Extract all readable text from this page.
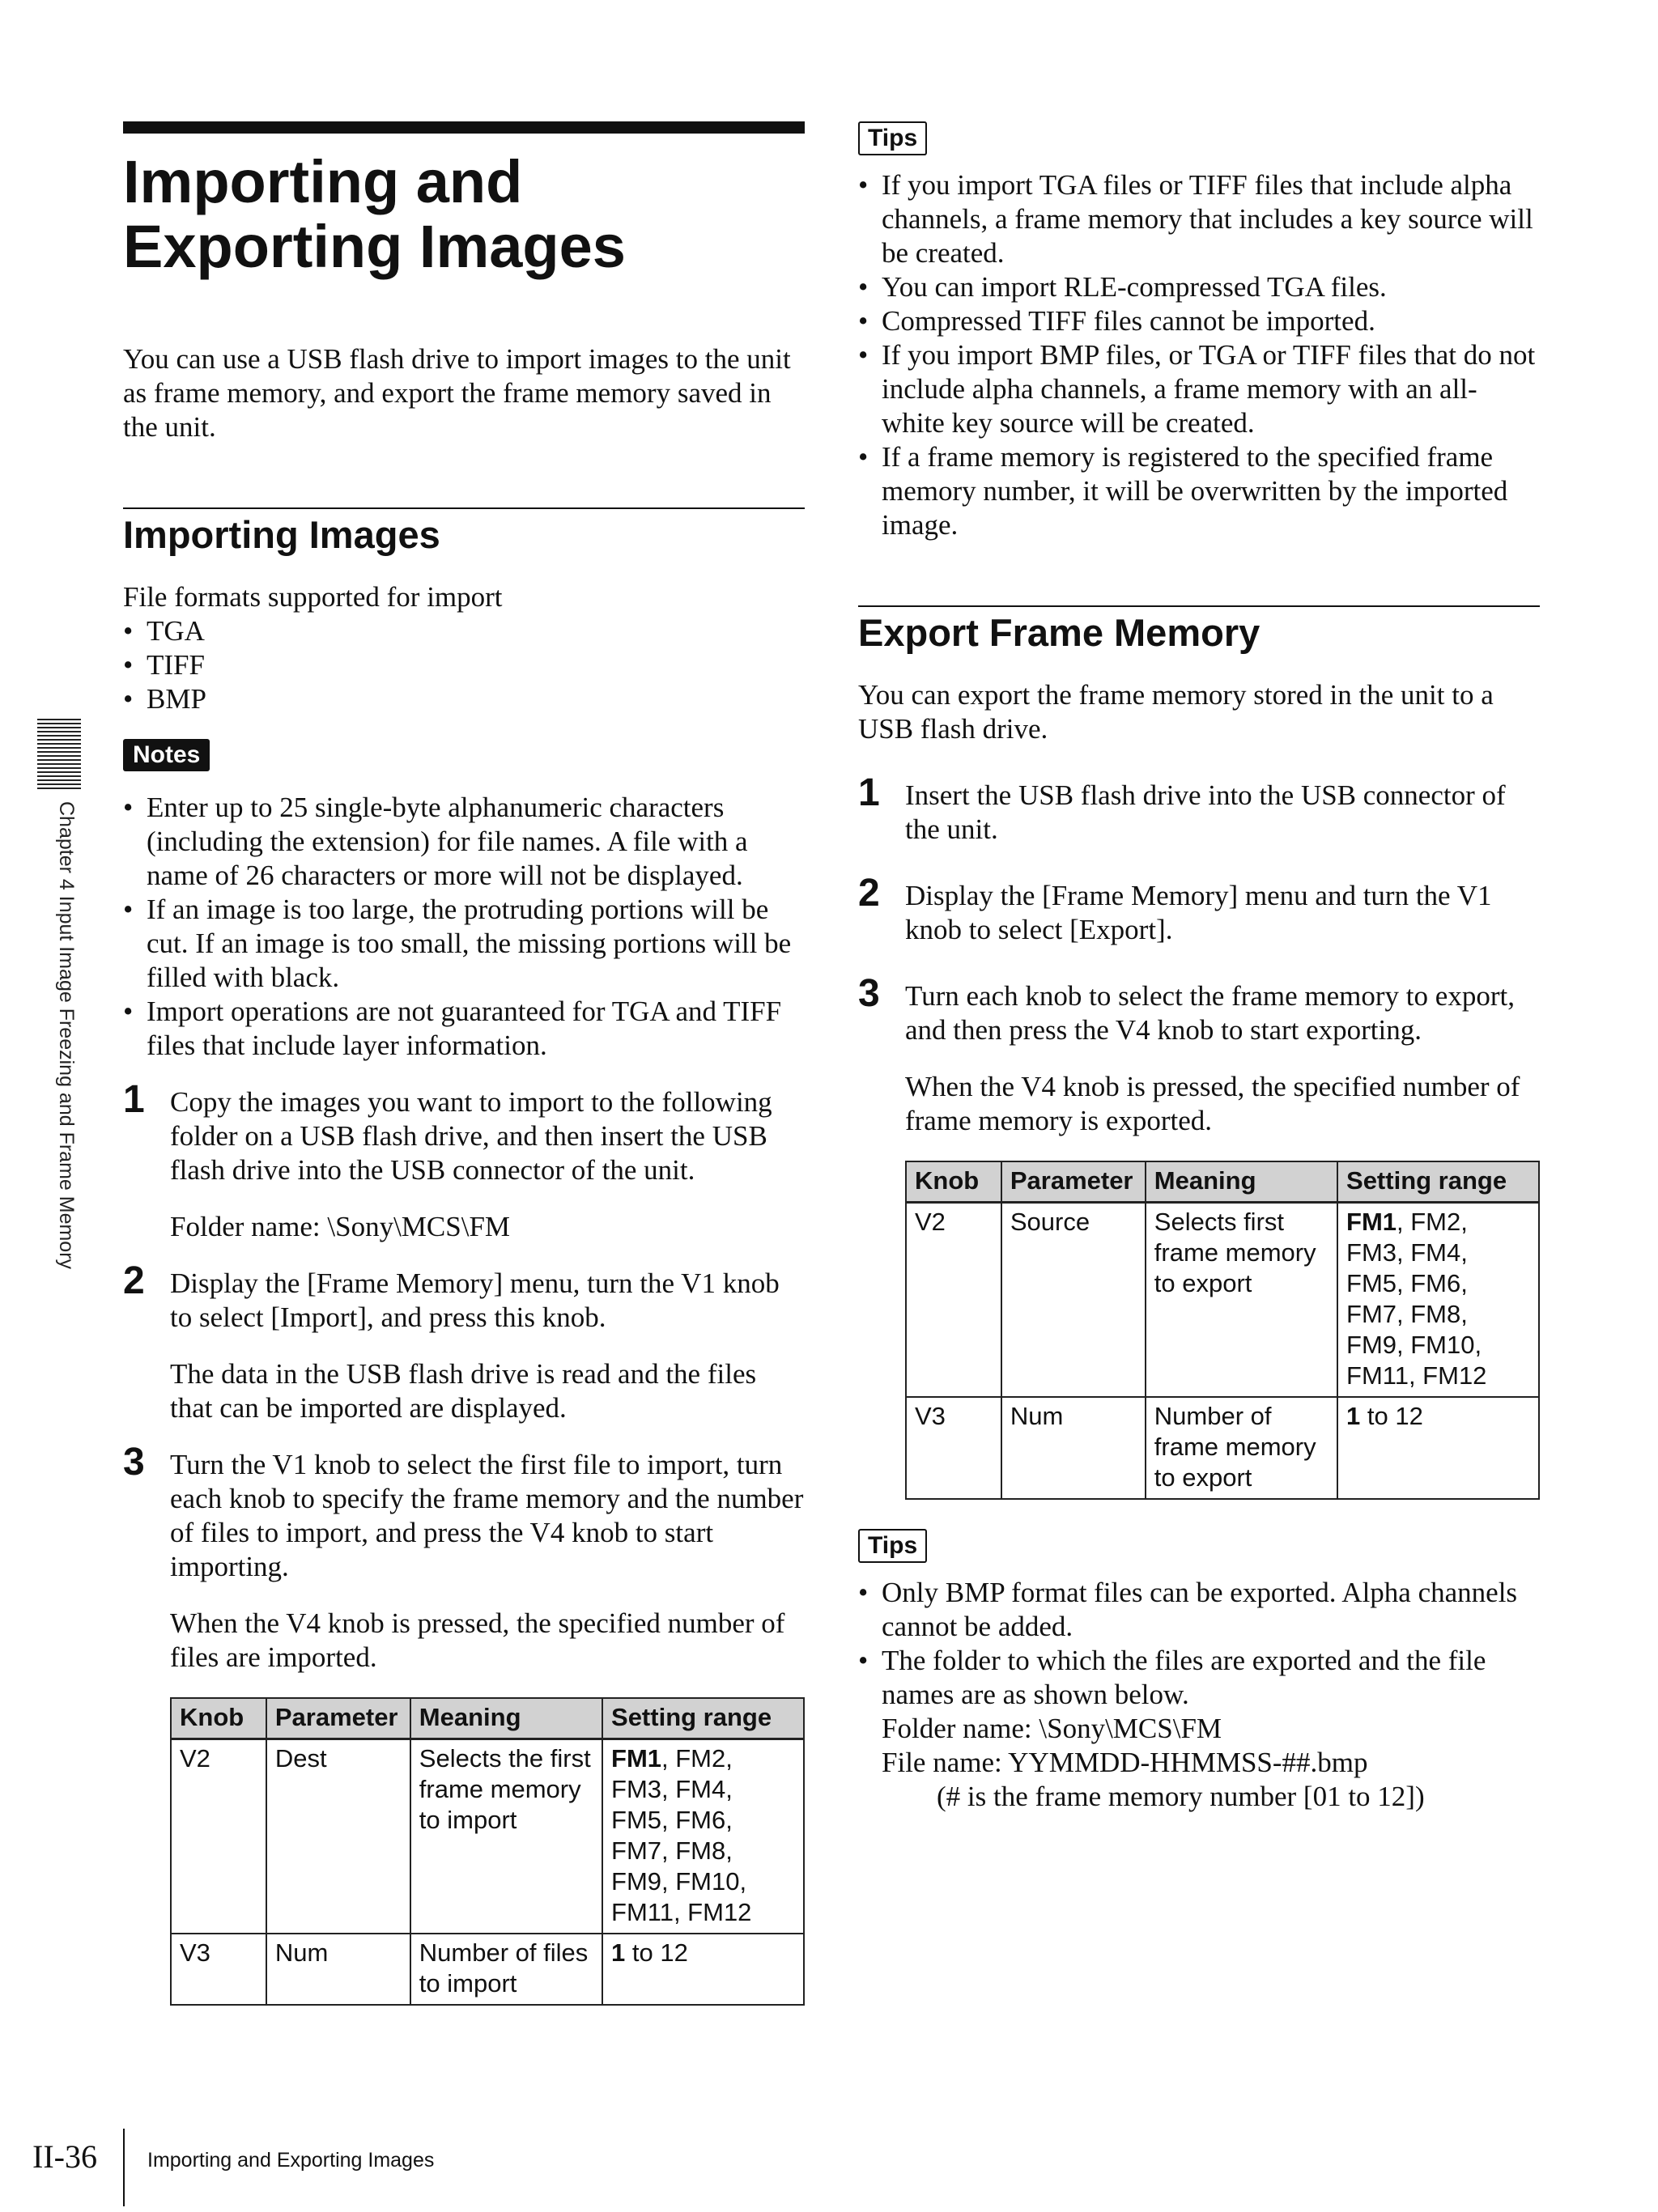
Chapter 4 Input Image Freezing and Frame Memory
Importing and Exporting Images

You can use a USB flash drive to import images to the unit as frame memory, and export the frame memory saved in the unit.

Importing Images

File formats supported for import

• TGA
• TIFF
• BMP
Notes
• Enter up to 25 single-byte alphanumeric characters (including the extension) for file names. A file with a name of 26 characters or more will not be displayed.
• If an image is too large, the protruding portions will be cut. If an image is too small, the missing portions will be filled with black.
• Import operations are not guaranteed for TGA and TIFF files that include layer information.
1 Copy the images you want to import to the following folder on a USB flash drive, and then insert the USB flash drive into the USB connector of the unit.

Folder name: \Sony\MCS\FM

2 Display the [Frame Memory] menu, turn the V1 knob to select [Import], and press this knob.

The data in the USB flash drive is read and the files that can be imported are displayed.

3 Turn the V1 knob to select the first file to import, turn each knob to specify the frame memory and the number of files to import, and press the V4 knob to start importing.

When the V4 knob is pressed, the specified number of files are imported.

Knob	Parameter	Meaning	Setting range
V2	Dest	Selects the first frame memory to import	FM1, FM2, FM3, FM4, FM5, FM6, FM7, FM8, FM9, FM10, FM11, FM12
V3	Num	Number of files to import	1 to 12
Tips
• If you import TGA files or TIFF files that include alpha channels, a frame memory that includes a key source will be created.
• You can import RLE-compressed TGA files.
• Compressed TIFF files cannot be imported.
• If you import BMP files, or TGA or TIFF files that do not include alpha channels, a frame memory with an all-white key source will be created.
• If a frame memory is registered to the specified frame memory number, it will be overwritten by the imported image.
Export Frame Memory

You can export the frame memory stored in the unit to a USB flash drive.

1 Insert the USB flash drive into the USB connector of the unit.

2 Display the [Frame Memory] menu and turn the V1 knob to select [Export].

3 Turn each knob to select the frame memory to export, and then press the V4 knob to start exporting.

When the V4 knob is pressed, the specified number of frame memory is exported.

Knob	Parameter	Meaning	Setting range
V2	Source	Selects first frame memory to export	FM1, FM2, FM3, FM4, FM5, FM6, FM7, FM8, FM9, FM10, FM11, FM12
V3	Num	Number of frame memory to export	1 to 12
Tips
• Only BMP format files can be exported. Alpha channels cannot be added.
• The folder to which the files are exported and the file names are as shown below.
Folder name: \Sony\MCS\FM
File name: YYMMDD-HHMMSS-##.bmp
(# is the frame memory number [01 to 12])
II-36 Importing and Exporting Images
